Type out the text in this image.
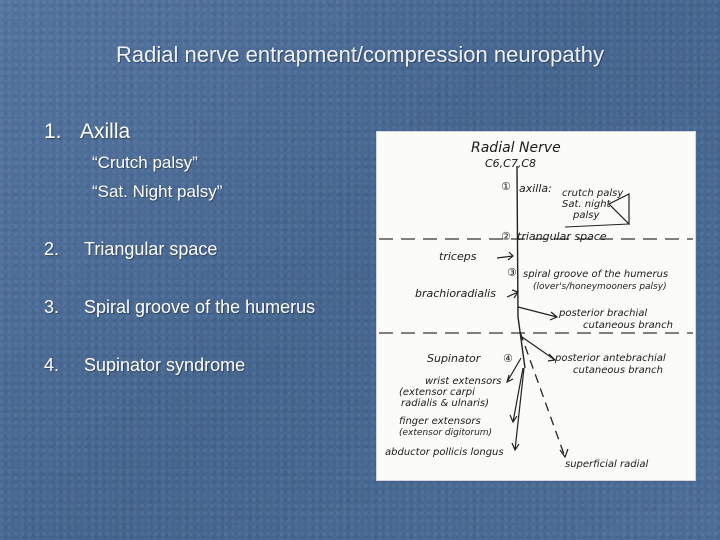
Radial nerve entrapment/compression neuropathy
1. Axilla
“Crutch palsy”
“Sat. Night palsy”
2. Triangular space
3. Spiral groove of the humerus
4. Supinator syndrome
Radial Nerve
C6,C7,C8
① axilla: crutch palsy
Sat. night
palsy
② triangular space
triceps
③ spiral groove of the humerus
(lover's/honeymooners palsy)
brachioradialis
posterior brachial
cutaneous branch
Supinator ④	posterior antebrachial
cutaneous branch
wrist extensors
(extensor carpi
radialis & ulnaris)
finger extensors
(extensor digitorum)
abductor pollicis longus
superficial radial
